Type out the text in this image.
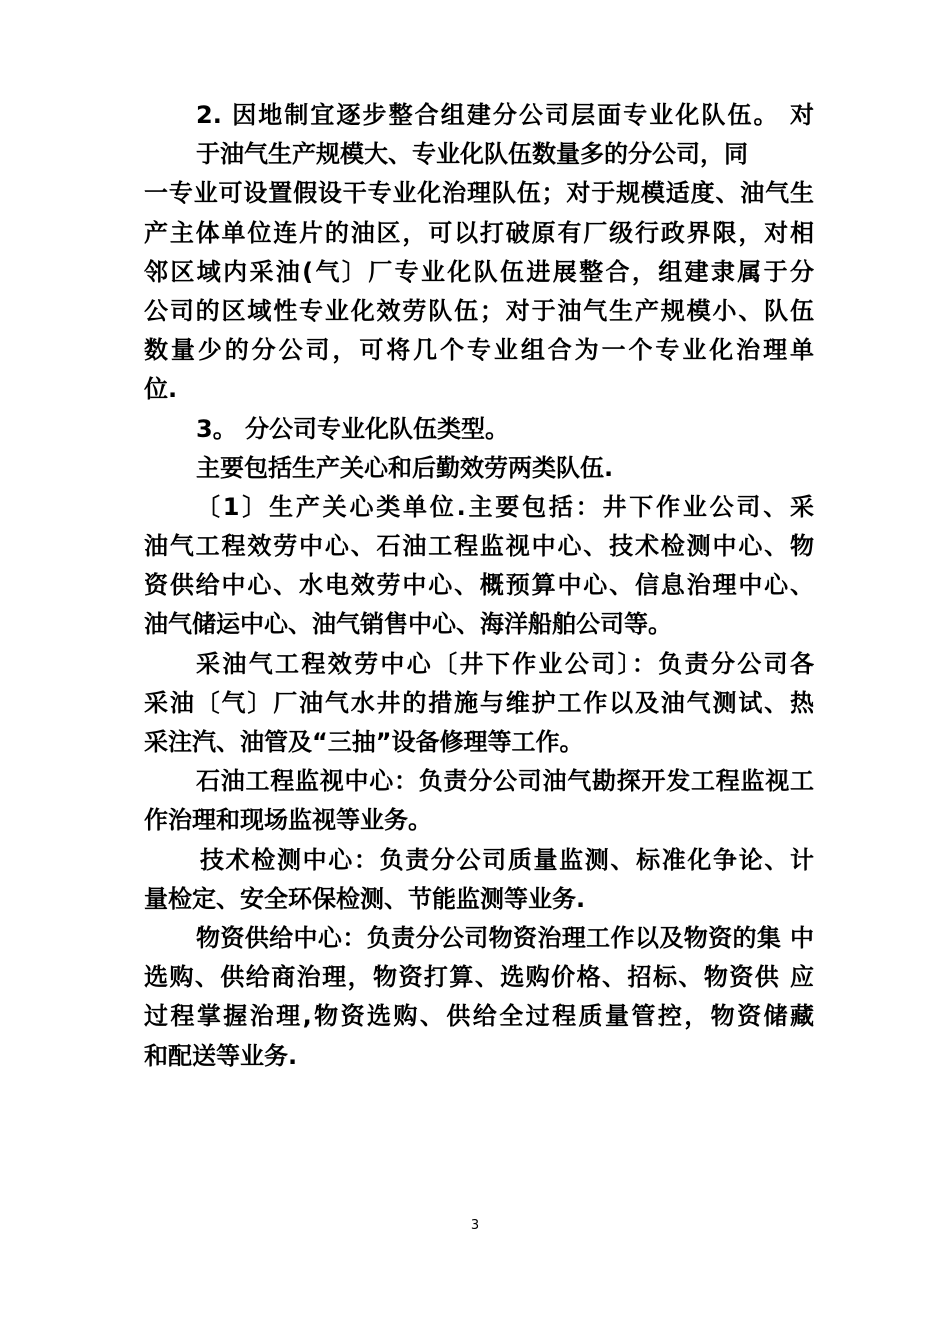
2. 因地制宜逐步整合组建分公司层面专业化队伍。 对
于油气生产规模大、专业化队伍数量多的分公司，同
一专业可设置假设干专业化治理队伍；对于规模适度、油气生
产主体单位连片的油区，可以打破原有厂级行政界限，对相
邻区域内采油(气〕厂专业化队伍进展整合，组建隶属于分
公司的区域性专业化效劳队伍；对于油气生产规模小、队伍
数量少的分公司，可将几个专业组合为一个专业化治理单
位.
3。 分公司专业化队伍类型。
主要包括生产关心和后勤效劳两类队伍.
〔1〕生产关心类单位.主要包括：井下作业公司、采
油气工程效劳中心、石油工程监视中心、技术检测中心、物
资供给中心、水电效劳中心、概预算中心、信息治理中心、
油气储运中心、油气销售中心、海洋船舶公司等。
采油气工程效劳中心〔井下作业公司〕：负责分公司各
采油〔气〕厂油气水井的措施与维护工作以及油气测试、热
采注汽、油管及“三抽”设备修理等工作。
石油工程监视中心：负责分公司油气勘探开发工程监视工
作治理和现场监视等业务。
技术检测中心：负责分公司质量监测、标准化争论、计
量检定、安全环保检测、节能监测等业务.
物资供给中心：负责分公司物资治理工作以及物资的集 中
选购、供给商治理，物资打算、选购价格、招标、物资供 应
过程掌握治理,物资选购、供给全过程质量管控，物资储藏
和配送等业务.
3
